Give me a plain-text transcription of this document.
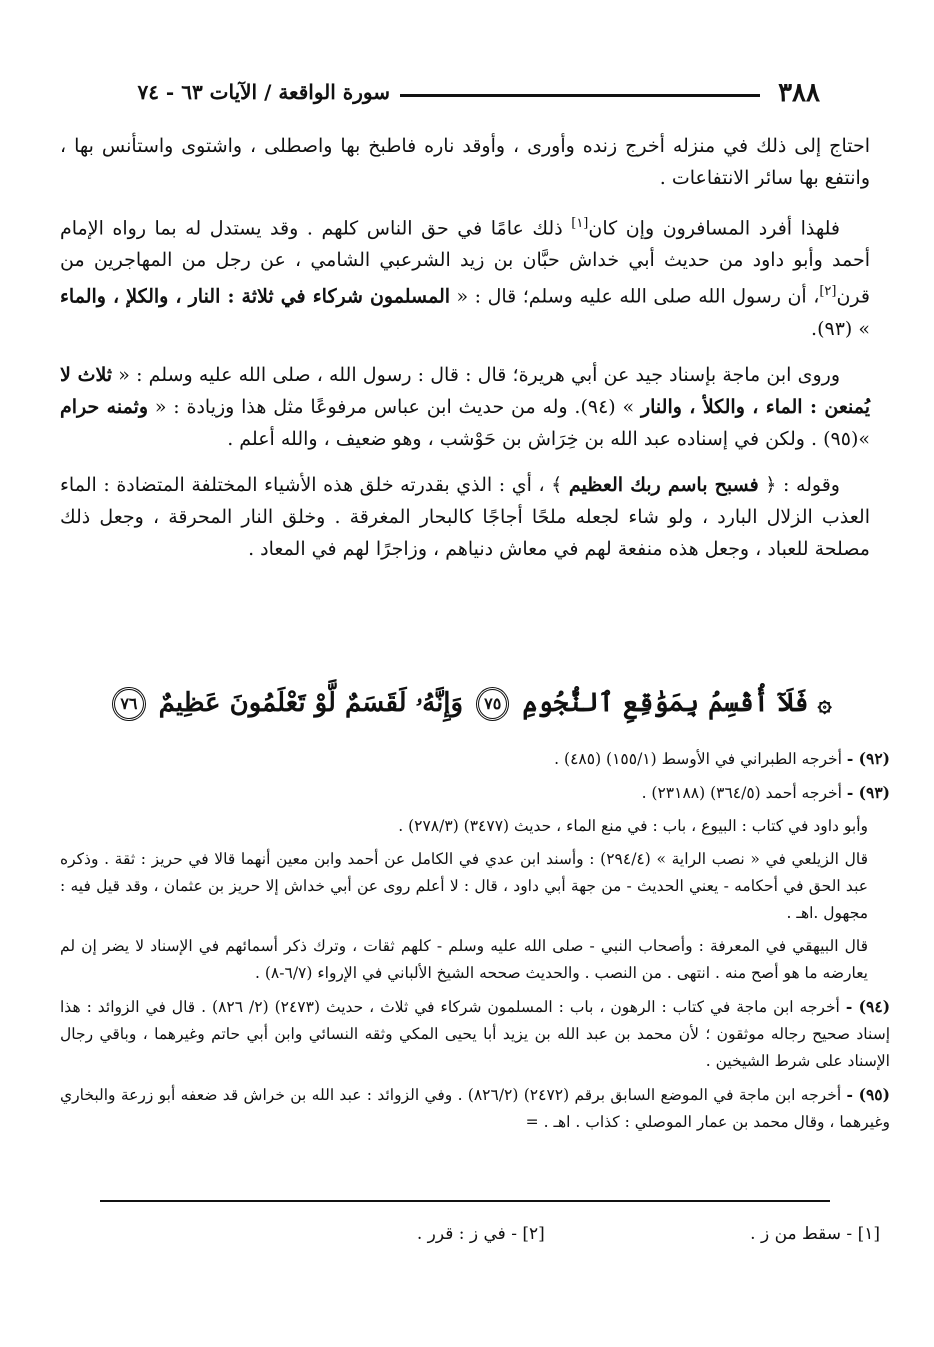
٣٨٨
سورة الواقعة / الآيات ٦٣ - ٧٤

احتاج إلى ذلك في منزله أخرج زنده وأورى ، وأوقد ناره فاطبخ بها واصطلى ، واشتوى واستأنس بها ، وانتفع بها سائر الانتفاعات .

فلهذا أفرد المسافرون وإن كان[١] ذلك عامًا في حق الناس كلهم . وقد يستدل له بما رواه الإمام أحمد وأبو داود من حديث أبي خداش حبَّان بن زيد الشرعبي الشامي ، عن رجل من المهاجرين من قرن[٢]، أن رسول الله صلى الله عليه وسلم؛ قال : « المسلمون شركاء في ثلاثة : النار ، والكلإ ، والماء » (٩٣).

وروى ابن ماجة بإسناد جيد عن أبي هريرة؛ قال : قال : رسول الله ، صلى الله عليه وسلم : « ثلاث لا يُمنعن : الماء ، والكلأ ، والنار » (٩٤). وله من حديث ابن عباس مرفوعًا مثل هذا وزيادة : « وثمنه حرام »(٩٥) . ولكن في إسناده عبد الله بن خِرَاش بن حَوْشب ، وهو ضعيف ، والله أعلم .

وقوله : ﴿ فسبح باسم ربك العظيم ﴾ ، أي : الذي بقدرته خلق هذه الأشياء المختلفة المتضادة : الماء العذب الزلال البارد ، ولو شاء لجعله ملحًا أجاجًا كالبحار المغرقة . وخلق النار المحرقة ، وجعل ذلك مصلحة للعباد ، وجعل هذه منفعة لهم في معاش دنياهم ، وزاجرًا لهم في المعاد .

۞ فَلَآ أُقْسِمُ بِمَوَٰقِعِ ٱلنُّجُومِ ٧٥ وَإِنَّهُۥ لَقَسَمٌ لَّوْ تَعْلَمُونَ عَظِيمٌ ٧٦

(٩٢) - أخرجه الطبراني في الأوسط (١٥٥/١) (٤٨٥) .

(٩٣) - أخرجه أحمد (٣٦٤/٥) (٢٣١٨٨) .

وأبو داود في كتاب : البيوع ، باب : في منع الماء ، حديث (٣٤٧٧) (٢٧٨/٣) .

قال الزيلعي في « نصب الراية » (٢٩٤/٤) : وأسند ابن عدي في الكامل عن أحمد وابن معين أنهما قالا في حريز : ثقة . وذكره عبد الحق في أحكامه - يعني الحديث - من جهة أبي داود ، قال : لا أعلم روى عن أبي خداش إلا حريز بن عثمان ، وقد قيل فيه : مجهول .اهـ .

قال البيهقي في المعرفة : وأصحاب النبي - صلى الله عليه وسلم - كلهم ثقات ، وترك ذكر أسمائهم في الإسناد لا يضر إن لم يعارضه ما هو أصح منه . انتهى . من النصب . والحديث صححه الشيخ الألباني في الإرواء (٦/٧-٨) .

(٩٤) - أخرجه ابن ماجة في كتاب : الرهون ، باب : المسلمون شركاء في ثلاث ، حديث (٢٤٧٣) (٢/ ٨٢٦) . قال في الزوائد : هذا إسناد صحيح رجاله موثقون ؛ لأن محمد بن عبد الله بن يزيد أبا يحيى المكي وثقه النسائي وابن أبي حاتم وغيرهما ، وباقي رجال الإسناد على شرط الشيخين .

(٩٥) - أخرجه ابن ماجة في الموضع السابق برقم (٢٤٧٢) (٨٢٦/٢) . وفي الزوائد : عبد الله بن خراش قد ضعفه أبو زرعة والبخاري وغيرهما ، وقال محمد بن عمار الموصلي : كذاب . اهـ . =

[١] - سقط من ز . [٢] - في ز : قرر .
